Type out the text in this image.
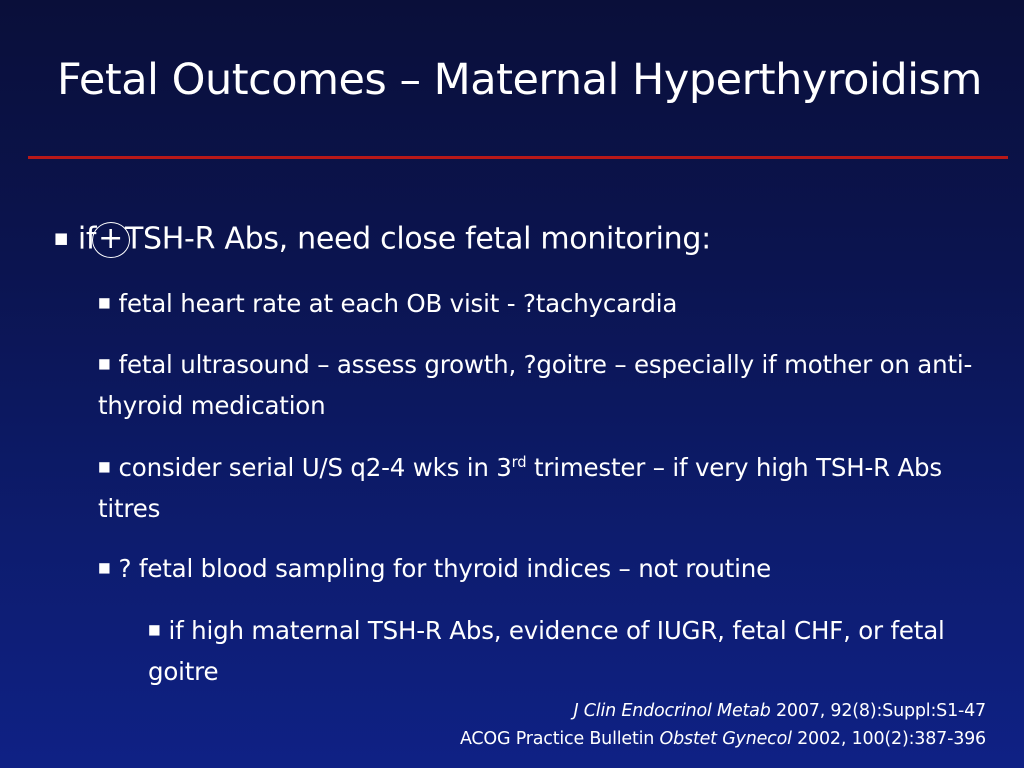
Fetal Outcomes – Maternal Hyperthyroidism
■ if+TSH-R Abs, need close fetal monitoring:
■ fetal heart rate at each OB visit - ?tachycardia
■ fetal ultrasound – assess growth, ?goitre – especially if mother on anti-thyroid medication
■ consider serial U/S q2-4 wks in 3rd trimester – if very high TSH-R Abs titres
■ ? fetal blood sampling for thyroid indices – not routine
■ if high maternal TSH-R Abs, evidence of IUGR, fetal CHF, or fetal goitre
J Clin Endocrinol Metab 2007, 92(8):Suppl:S1-47
ACOG Practice Bulletin Obstet Gynecol 2002, 100(2):387-396
